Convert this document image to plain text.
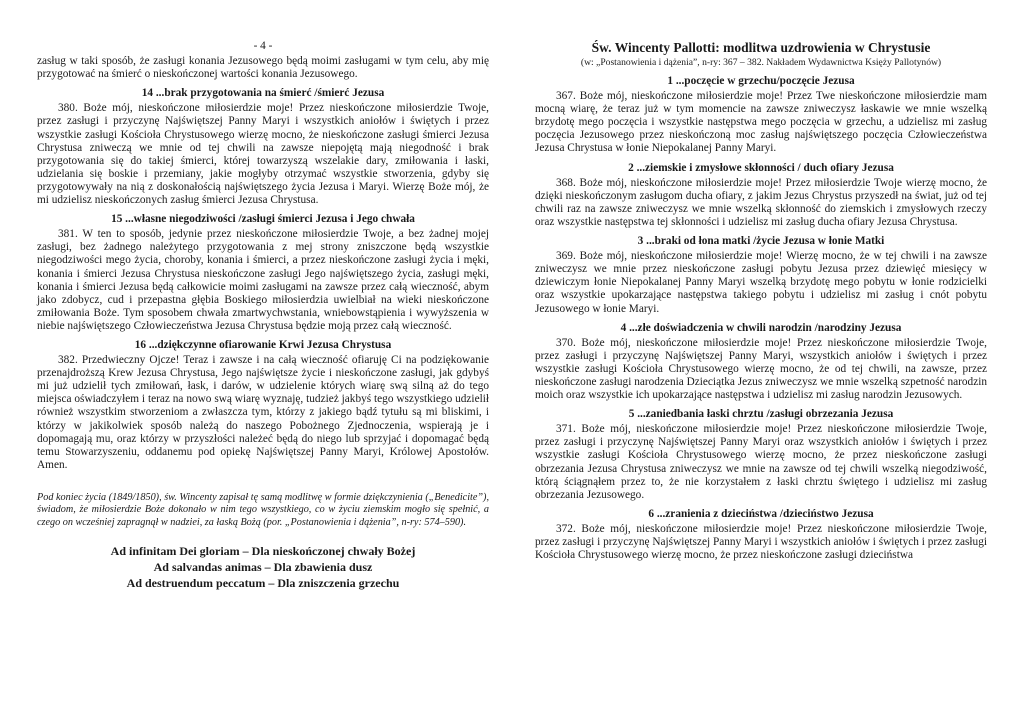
- 4 -

zasług w taki sposób, że zasługi konania Jezusowego będą moimi zasługami w tym celu, aby mię przygotować na śmierć o nieskończonej wartości konania Jezusowego.

14 ...brak przygotowania na śmierć /śmierć Jezusa

380. Boże mój, nieskończone miłosierdzie moje! Przez nieskończone miłosierdzie Twoje, przez zasługi i przyczynę Najświętszej Panny Maryi i wszystkich aniołów i świętych i przez wszystkie zasługi Kościoła Chrystusowego wierzę mocno, że nieskończone zasługi śmierci Jezusa Chrystusa zniweczą we mnie od tej chwili na zawsze niepojętą mają niegodność i brak przygotowania się do takiej śmierci, której towarzyszą wszelakie dary, zmiłowania i łaski, udzielania się boskie i przemiany, jakie mogłyby otrzymać wszystkie stworzenia, gdyby się przygotowywały na nią z doskonałością najświętszego życia Jezusa i Maryi. Wierzę Boże mój, że mi udzielisz nieskończonych zasług śmierci Jezusa Chrystusa.

15 ...własne niegodziwości /zasługi śmierci Jezusa i Jego chwała

381. W ten to sposób, jedynie przez nieskończone miłosierdzie Twoje, a bez żadnej mojej zasługi, bez żadnego należytego przygotowania z mej strony zniszczone będą wszystkie niegodziwości mego życia, choroby, konania i śmierci, a przez nieskończone zasługi życia i męki, konania i śmierci Jezusa Chrystusa nieskończone zasługi Jego najświętszego życia, zasługi męki, konania i śmierci Jezusa będą całkowicie moimi zasługami na zawsze przez całą wieczność, abym jako zdobycz, cud i przepastna głębia Boskiego miłosierdzia uwielbiał na wieki nieskończone zmiłowania Boże. Tym sposobem chwała zmartwychwstania, wniebowstąpienia i wywyższenia w niebie najświętszego Człowieczeństwa Jezusa Chrystusa będzie moją przez całą wieczność.

16 ...dziękczynne ofiarowanie Krwi Jezusa Chrystusa

382. Przedwieczny Ojcze! Teraz i zawsze i na całą wieczność ofiaruję Ci na podziękowanie przenajdroższą Krew Jezusa Chrystusa, Jego najświętsze życie i nieskończone zasługi, jak gdybyś mi już udzielił tych zmiłowań, łask, i darów, w udzielenie których wiarę swą silną aż do tego miejsca oświadczyłem i teraz na nowo swą wiarę wyznaję, tudzież jakbyś tego wszystkiego udzielił również wszystkim stworzeniom a zwłaszcza tym, którzy z jakiego bądź tytułu są mi bliskimi, i którzy w jakikolwiek sposób należą do naszego Pobożnego Zjednoczenia, wspierają je i dopomagają mu, oraz którzy w przyszłości należeć będą do niego lub sprzyjać i dopomagać będą temu Stowarzyszeniu, oddanemu pod opiekę Najświętszej Panny Maryi, Królowej Apostołów. Amen.

Pod koniec życia (1849/1850), św. Wincenty zapisał tę samą modlitwę w formie dziękczynienia („Benedicite”), świadom, że miłosierdzie Boże dokonało w nim tego wszystkiego, co w życiu ziemskim mogło się spełnić, a czego on wcześniej zapragnął w nadziei, za łaską Bożą (por. „Postanowienia i dążenia”, n-ry: 574–590).

Ad infinitam Dei gloriam – Dla nieskończonej chwały Bożej
Ad salvandas animas – Dla zbawienia dusz
Ad destruendum peccatum – Dla zniszczenia grzechu
Św. Wincenty Pallotti: modlitwa uzdrowienia w Chrystusie
(w: „Postanowienia i dążenia”, n-ry: 367 – 382. Nakładem Wydawnictwa Księży Pallotynów)
1 ...poczęcie w grzechu/poczęcie Jezusa

367. Boże mój, nieskończone miłosierdzie moje! Przez Twe nieskończone miłosierdzie mam mocną wiarę, że teraz już w tym momencie na zawsze zniweczysz łaskawie we mnie wszelką brzydotę mego poczęcia i wszystkie następstwa mego poczęcia w grzechu, a udzielisz mi zasług poczęcia Jezusowego przez nieskończoną moc zasług najświętszego poczęcia Człowieczeństwa Jezusa Chrystusa w łonie Niepokalanej Panny Maryi.

2 ...ziemskie i zmysłowe skłonności / duch ofiary Jezusa

368. Boże mój, nieskończone miłosierdzie moje! Przez miłosierdzie Twoje wierzę mocno, że dzięki nieskończonym zasługom ducha ofiary, z jakim Jezus Chrystus przyszedł na świat, już od tej chwili raz na zawsze zniweczysz we mnie wszelką skłonność do ziemskich i zmysłowych rzeczy oraz wszystkie następstwa tej skłonności i udzielisz mi zasług ducha ofiary Jezusa Chrystusa.

3 ...braki od łona matki /życie Jezusa w łonie Matki

369. Boże mój, nieskończone miłosierdzie moje! Wierzę mocno, że w tej chwili i na zawsze zniweczysz we mnie przez nieskończone zasługi pobytu Jezusa przez dziewięć miesięcy w dziewiczym łonie Niepokalanej Panny Maryi wszelką brzydotę mego pobytu w łonie rodzicielki oraz wszystkie upokarzające następstwa takiego pobytu i udzielisz mi zasług i cnót pobytu Jezusowego w łonie Maryi.

4 ...złe doświadczenia w chwili narodzin /narodziny Jezusa

370. Boże mój, nieskończone miłosierdzie moje! Przez nieskończone miłosierdzie Twoje, przez zasługi i przyczynę Najświętszej Panny Maryi, wszystkich aniołów i świętych i przez wszystkie zasługi Kościoła Chrystusowego wierzę mocno, że od tej chwili, na zawsze, przez nieskończone zasługi narodzenia Dzieciątka Jezus zniweczysz we mnie wszelką szpetność narodzin moich oraz wszystkie ich upokarzające następstwa i udzielisz mi zasług narodzin Jezusowych.

5 ...zaniedbania łaski chrztu /zasługi obrzezania Jezusa

371. Boże mój, nieskończone miłosierdzie moje! Przez nieskończone miłosierdzie Twoje, przez zasługi i przyczynę Najświętszej Panny Maryi oraz wszystkich aniołów i świętych i przez wszystkie zasługi Kościoła Chrystusowego wierzę mocno, że przez nieskończone zasługi obrzezania Jezusa Chrystusa zniweczysz we mnie na zawsze od tej chwili wszelką niegodziwość, którą ściągnąłem przez to, że nie korzystałem z łaski chrztu świętego i udzielisz mi zasług obrzezania Jezusowego.

6 ...zranienia z dzieciństwa /dzieciństwo Jezusa

372. Boże mój, nieskończone miłosierdzie moje! Przez nieskończone miłosierdzie Twoje, przez zasługi i przyczynę Najświętszej Panny Maryi i wszystkich aniołów i świętych i przez zasługi Kościoła Chrystusowego wierzę mocno, że przez nieskończone zasługi dzieciństwa
